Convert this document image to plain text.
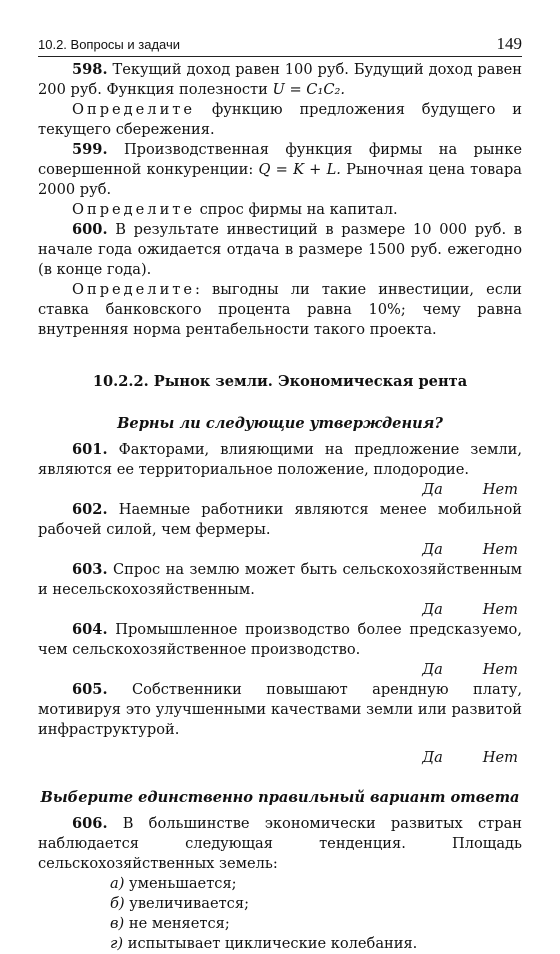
10.2. Вопросы и задачи	149

598. Текущий доход равен 100 руб. Будущий доход равен 200 руб. Функция полезности U = C₁C₂.

Определите функцию предложения будущего и текущего сбережения.

599. Производственная функция фирмы на рынке совершенной конкуренции: Q = K + L. Рыночная цена товара 2000 руб.

Определите спрос фирмы на капитал.

600. В результате инвестиций в размере 10 000 руб. в начале года ожидается отдача в размере 1500 руб. ежегодно (в конце года).

Определите: выгодны ли такие инвестиции, если ставка банковского процента равна 10%; чему равна внутренняя норма рентабельности такого проекта.

10.2.2. Рынок земли. Экономическая рента
Верны ли следующие утверждения?

601. Факторами, влияющими на предложение земли, являются ее территориальное положение, плодородие.

Да	Нет

602. Наемные работники являются менее мобильной рабочей силой, чем фермеры.

Да	Нет

603. Спрос на землю может быть сельскохозяйственным и несельскохозяйственным.

Да	Нет

604. Промышленное производство более предсказуемо, чем сельскохозяйственное производство.

Да	Нет

605. Собственники повышают арендную плату, мотивируя это улучшенными качествами земли или развитой инфраструктурой.

Да	Нет
Выберите единственно правильный вариант ответа

606. В большинстве экономически развитых стран наблюдается следующая тенденция. Площадь сельскохозяйственных земель:

а) уменьшается;
б) увеличивается;
в) не меняется;
г) испытывает циклические колебания.
